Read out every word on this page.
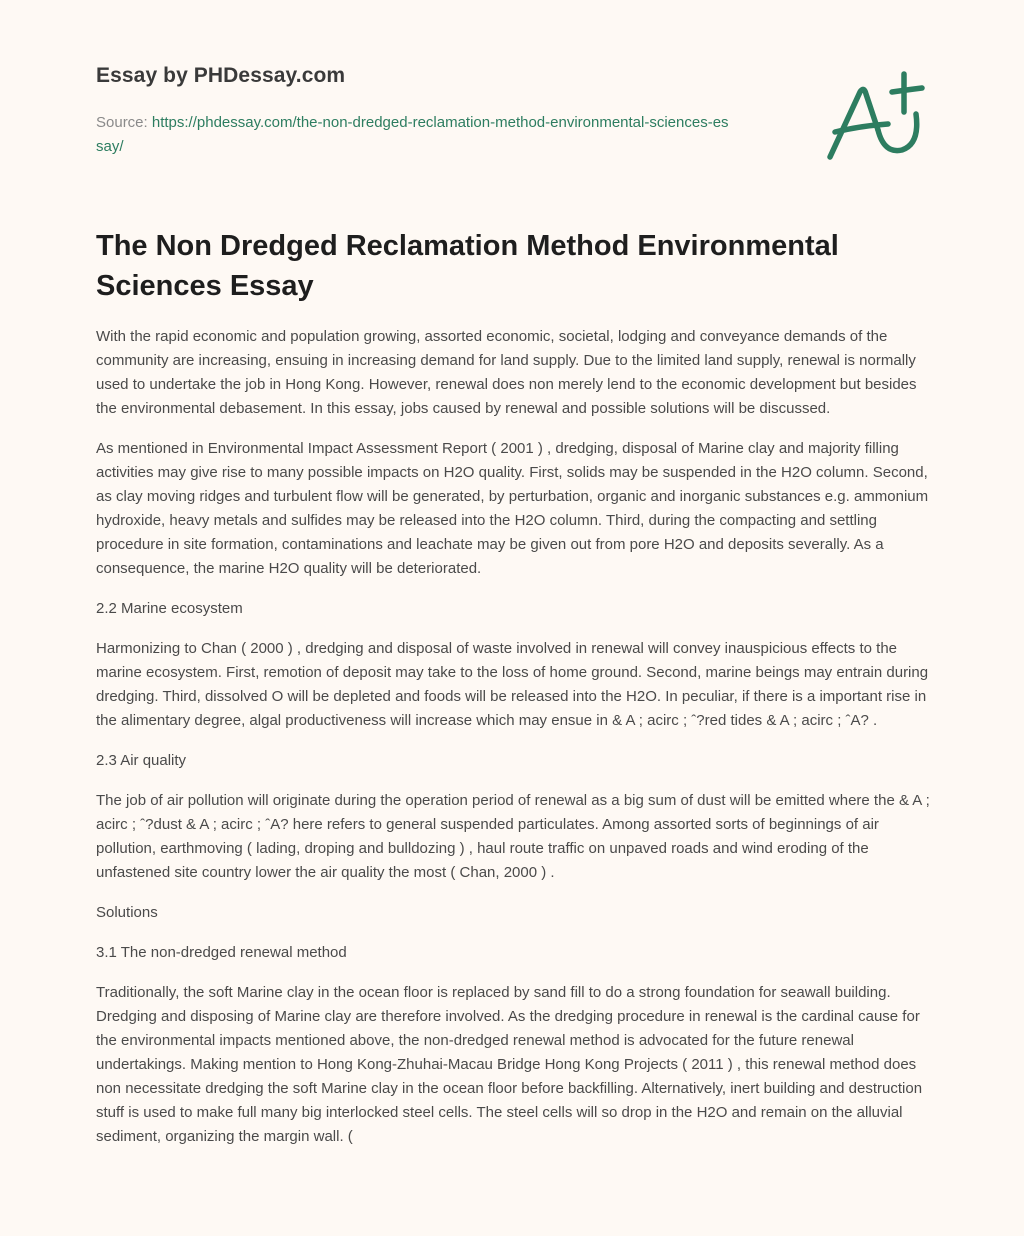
Essay by PHDessay.com
Source: https://phdessay.com/the-non-dredged-reclamation-method-environmental-sciences-essay/
The Non Dredged Reclamation Method Environmental Sciences Essay

With the rapid economic and population growing, assorted economic, societal, lodging and conveyance demands of the community are increasing, ensuing in increasing demand for land supply. Due to the limited land supply, renewal is normally used to undertake the job in Hong Kong. However, renewal does non merely lend to the economic development but besides the environmental debasement. In this essay, jobs caused by renewal and possible solutions will be discussed.

As mentioned in Environmental Impact Assessment Report ( 2001 ) , dredging, disposal of Marine clay and majority filling activities may give rise to many possible impacts on H2O quality. First, solids may be suspended in the H2O column. Second, as clay moving ridges and turbulent flow will be generated, by perturbation, organic and inorganic substances e.g. ammonium hydroxide, heavy metals and sulfides may be released into the H2O column. Third, during the compacting and settling procedure in site formation, contaminations and leachate may be given out from pore H2O and deposits severally. As a consequence, the marine H2O quality will be deteriorated.

2.2 Marine ecosystem

Harmonizing to Chan ( 2000 ) , dredging and disposal of waste involved in renewal will convey inauspicious effects to the marine ecosystem. First, remotion of deposit may take to the loss of home ground. Second, marine beings may entrain during dredging. Third, dissolved O will be depleted and foods will be released into the H2O. In peculiar, if there is a important rise in the alimentary degree, algal productiveness will increase which may ensue in & A ; acirc ; ˆ?red tides & A ; acirc ; ˆA? .

2.3 Air quality

The job of air pollution will originate during the operation period of renewal as a big sum of dust will be emitted where the & A ; acirc ; ˆ?dust & A ; acirc ; ˆA? here refers to general suspended particulates. Among assorted sorts of beginnings of air pollution, earthmoving ( lading, droping and bulldozing ) , haul route traffic on unpaved roads and wind eroding of the unfastened site country lower the air quality the most ( Chan, 2000 ) .

Solutions

3.1 The non-dredged renewal method

Traditionally, the soft Marine clay in the ocean floor is replaced by sand fill to do a strong foundation for seawall building. Dredging and disposing of Marine clay are therefore involved. As the dredging procedure in renewal is the cardinal cause for the environmental impacts mentioned above, the non-dredged renewal method is advocated for the future renewal undertakings. Making mention to Hong Kong-Zhuhai-Macau Bridge Hong Kong Projects ( 2011 ) , this renewal method does non necessitate dredging the soft Marine clay in the ocean floor before backfilling. Alternatively, inert building and destruction stuff is used to make full many big interlocked steel cells. The steel cells will so drop in the H2O and remain on the alluvial sediment, organizing the margin wall. (
